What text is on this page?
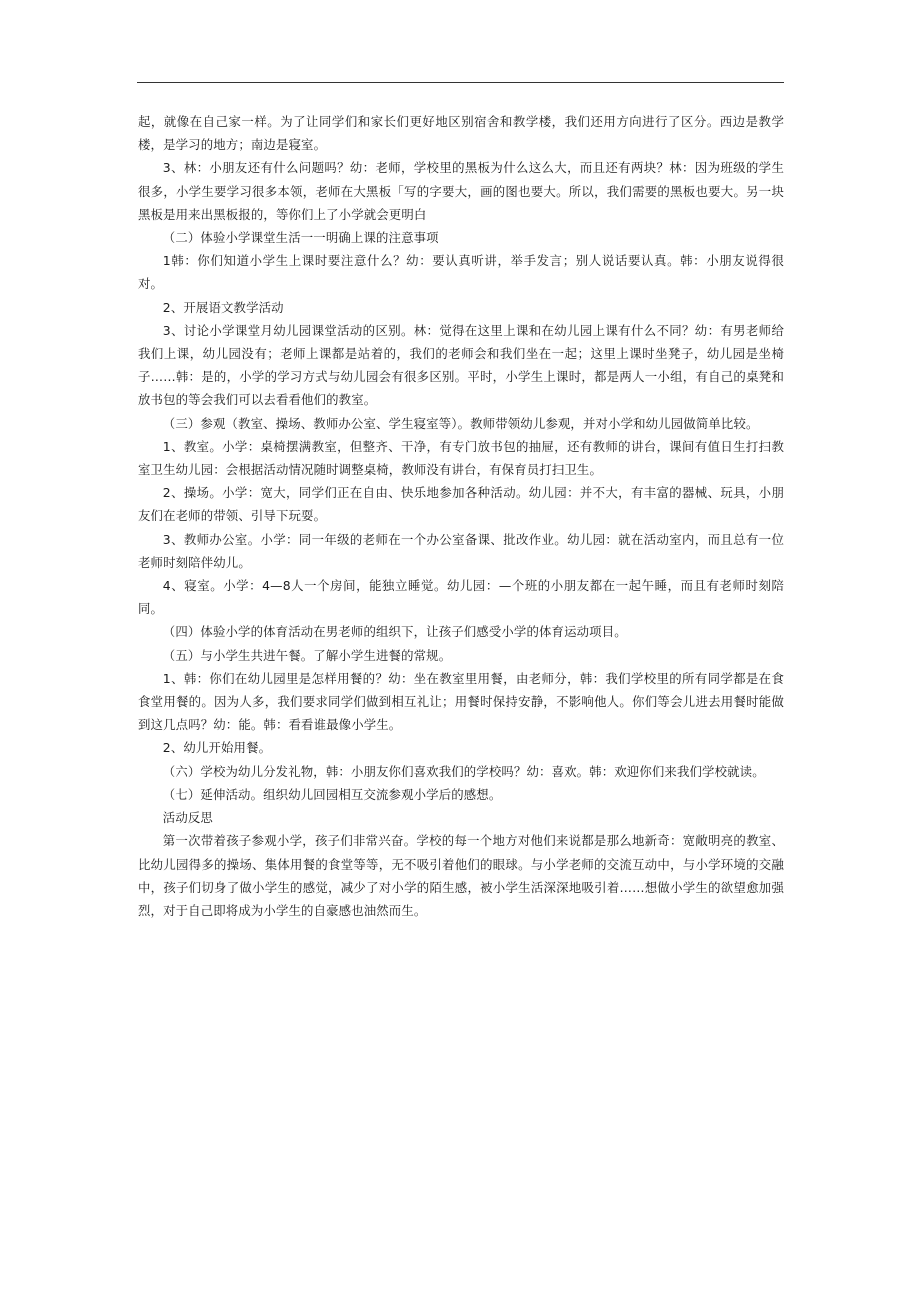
起，就像在自己家一样。为了让同学们和家长们更好地区别宿舍和教学楼，我们还用方向进行了区分。西边是教学楼，是学习的地方；南边是寝室。

3、林：小朋友还有什么问题吗？幼：老师，学校里的黑板为什么这么大，而且还有两块？林：因为班级的学生很多，小学生要学习很多本领，老师在大黑板「写的字要大，画的图也要大。所以，我们需要的黑板也要大。另一块黑板是用来出黑板报的，等你们上了小学就会更明白

（二）体验小学课堂生活一一明确上课的注意事项

1韩：你们知道小学生上课时要注意什么？幼：要认真听讲，举手发言；别人说话要认真。韩：小朋友说得很对。

2、开展语文教学活动

3、讨论小学课堂月幼儿园课堂活动的区别。林：觉得在这里上课和在幼儿园上课有什么不同？幼：有男老师给我们上课，幼儿园没有；老师上课都是站着的，我们的老师会和我们坐在一起；这里上课时坐凳子，幼儿园是坐椅子……韩：是的，小学的学习方式与幼儿园会有很多区别。平时，小学生上课时，都是两人一小组，有自己的桌凳和放书包的等会我们可以去看看他们的教室。

（三）参观（教室、操场、教师办公室、学生寝室等）。教师带领幼儿参观，并对小学和幼儿园做简单比较。

1、教室。小学：桌椅摆满教室，但整齐、干净，有专门放书包的抽屉，还有教师的讲台，课间有值日生打扫教室卫生幼儿园：会根据活动情况随时调整桌椅，教师没有讲台，有保育员打扫卫生。

2、操场。小学：宽大，同学们正在自由、快乐地参加各种活动。幼儿园：并不大，有丰富的器械、玩具，小朋友们在老师的带领、引导下玩耍。

3、教师办公室。小学：同一年级的老师在一个办公室备课、批改作业。幼儿园：就在活动室内，而且总有一位老师时刻陪伴幼儿。

4、寝室。小学：4—8人一个房间，能独立睡觉。幼儿园：—个班的小朋友都在一起午睡，而且有老师时刻陪同。

（四）体验小学的体育活动在男老师的组织下，让孩子们感受小学的体育运动项目。

（五）与小学生共进午餐。了解小学生进餐的常规。

1、韩：你们在幼儿园里是怎样用餐的？幼：坐在教室里用餐，由老师分，韩：我们学校里的所有同学都是在食食堂用餐的。因为人多，我们要求同学们做到相互礼让；用餐时保持安静，不影响他人。你们等会儿进去用餐时能做到这几点吗？幼：能。韩：看看谁最像小学生。

2、幼儿开始用餐。

（六）学校为幼儿分发礼物，韩：小朋友你们喜欢我们的学校吗？幼：喜欢。韩：欢迎你们来我们学校就读。

（七）延伸活动。组织幼儿回园相互交流参观小学后的感想。

活动反思

第一次带着孩子参观小学，孩子们非常兴奋。学校的每一个地方对他们来说都是那么地新奇：宽敞明亮的教室、比幼儿园得多的操场、集体用餐的食堂等等，无不吸引着他们的眼球。与小学老师的交流互动中，与小学环境的交融中，孩子们切身了做小学生的感觉，减少了对小学的陌生感，被小学生活深深地吸引着……想做小学生的欲望愈加强烈，对于自己即将成为小学生的自豪感也油然而生。
